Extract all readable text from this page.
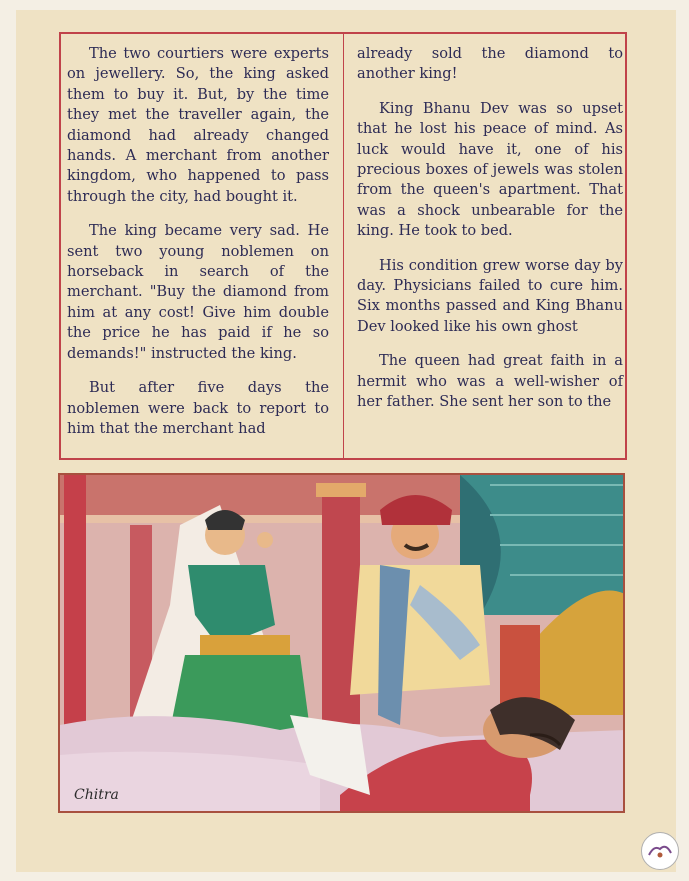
The two courtiers were experts on jewellery. So, the king asked them to buy it. But, by the time they met the traveller again, the diamond had already changed hands. A merchant from another kingdom, who happened to pass through the city, had bought it.

The king became very sad. He sent two young noblemen on horseback in search of the merchant. "Buy the diamond from him at any cost! Give him double the price he has paid if he so demands!" instructed the king.

But after five days the noblemen were back to report to him that the merchant had

already sold the diamond to another king!

King Bhanu Dev was so upset that he lost his peace of mind. As luck would have it, one of his precious boxes of jewels was stolen from the queen's apartment. That was a shock unbearable for the king. He took to bed.

His condition grew worse day by day. Physicians failed to cure him. Six months passed and King Bhanu Dev looked like his own ghost

The queen had great faith in a hermit who was a well-wisher of her father. She sent her son to the

Chitra
